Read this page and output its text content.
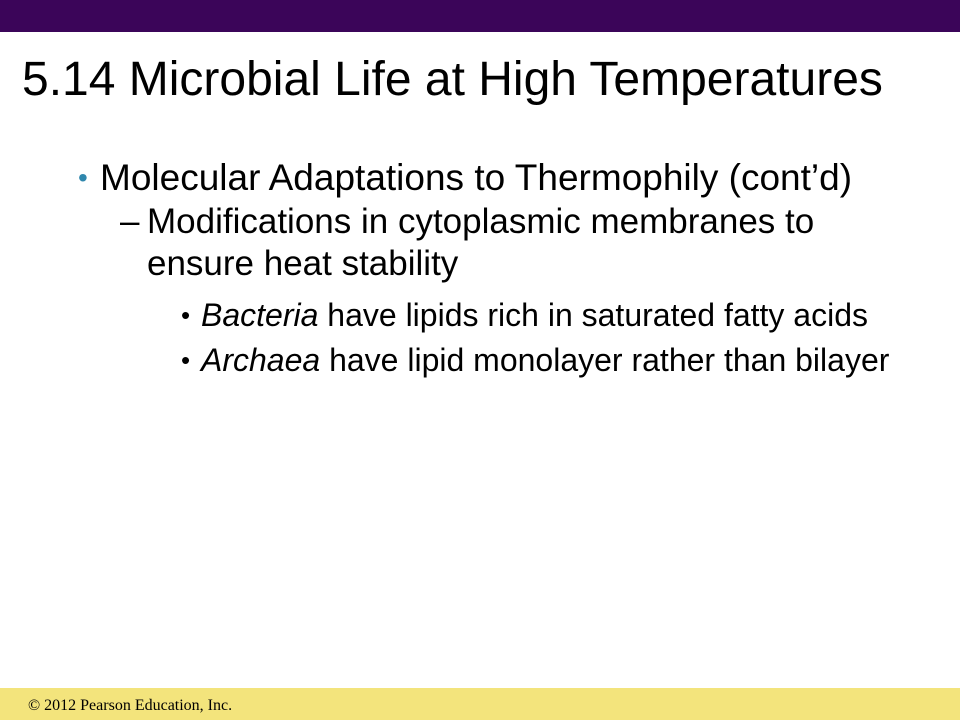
5.14 Microbial Life at High Temperatures
• Molecular Adaptations to Thermophily (cont’d)
– Modifications in cytoplasmic membranes to ensure heat stability
• Bacteria have lipids rich in saturated fatty acids
• Archaea have lipid monolayer rather than bilayer
© 2012 Pearson Education, Inc.
